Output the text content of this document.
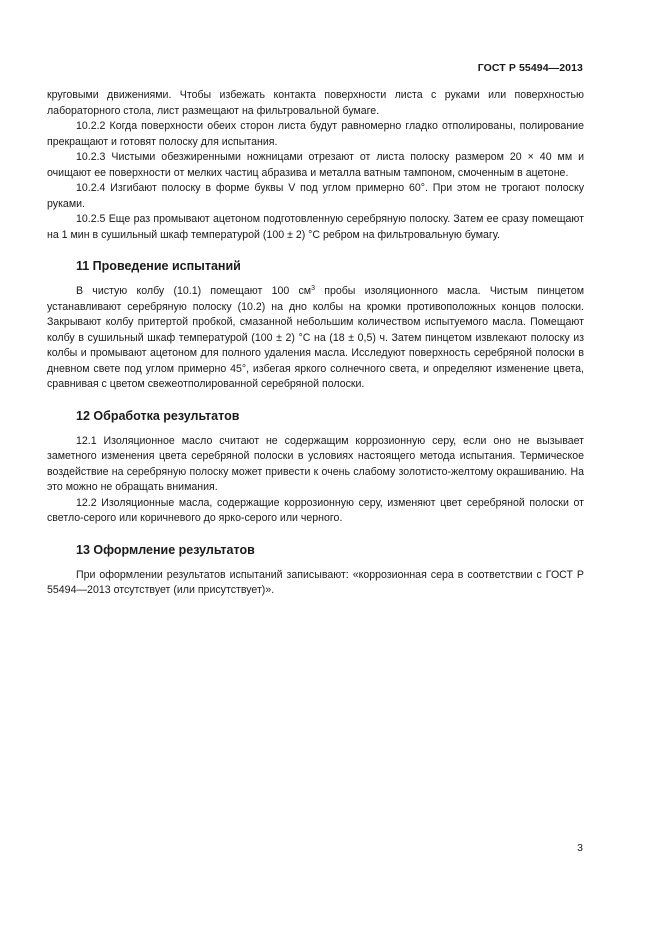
ГОСТ Р 55494—2013

круговыми движениями. Чтобы избежать контакта поверхности листа с руками или поверхностью лабораторного стола, лист размещают на фильтровальной бумаге.

10.2.2 Когда поверхности обеих сторон листа будут равномерно гладко отполированы, полирование прекращают и готовят полоску для испытания.

10.2.3 Чистыми обезжиренными ножницами отрезают от листа полоску размером 20 × 40 мм и очищают ее поверхности от мелких частиц абразива и металла ватным тампоном, смоченным в ацетоне.

10.2.4 Изгибают полоску в форме буквы V под углом примерно 60°. При этом не трогают полоску руками.

10.2.5 Еще раз промывают ацетоном подготовленную серебряную полоску. Затем ее сразу помещают на 1 мин в сушильный шкаф температурой (100 ± 2) °С ребром на фильтровальную бумагу.

11 Проведение испытаний

В чистую колбу (10.1) помещают 100 $см^3$ пробы изоляционного масла. Чистым пинцетом устанавливают серебряную полоску (10.2) на дно колбы на кромки противоположных концов полоски. Закрывают колбу притертой пробкой, смазанной небольшим количеством испытуемого масла. Помещают колбу в сушильный шкаф температурой (100 ± 2) °С на (18 ± 0,5) ч. Затем пинцетом извлекают полоску из колбы и промывают ацетоном для полного удаления масла. Исследуют поверхность серебряной полоски в дневном свете под углом примерно 45°, избегая яркого солнечного света, и определяют изменение цвета, сравнивая с цветом свежеотполированной серебряной полоски.

12 Обработка результатов

12.1 Изоляционное масло считают не содержащим коррозионную серу, если оно не вызывает заметного изменения цвета серебряной полоски в условиях настоящего метода испытания. Термическое воздействие на серебряную полоску может привести к очень слабому золотисто-желтому окрашиванию. На это можно не обращать внимания.

12.2 Изоляционные масла, содержащие коррозионную серу, изменяют цвет серебряной полоски от светло-серого или коричневого до ярко-серого или черного.

13 Оформление результатов

При оформлении результатов испытаний записывают: «коррозионная сера в соответствии с ГОСТ Р 55494—2013 отсутствует (или присутствует)».

3
